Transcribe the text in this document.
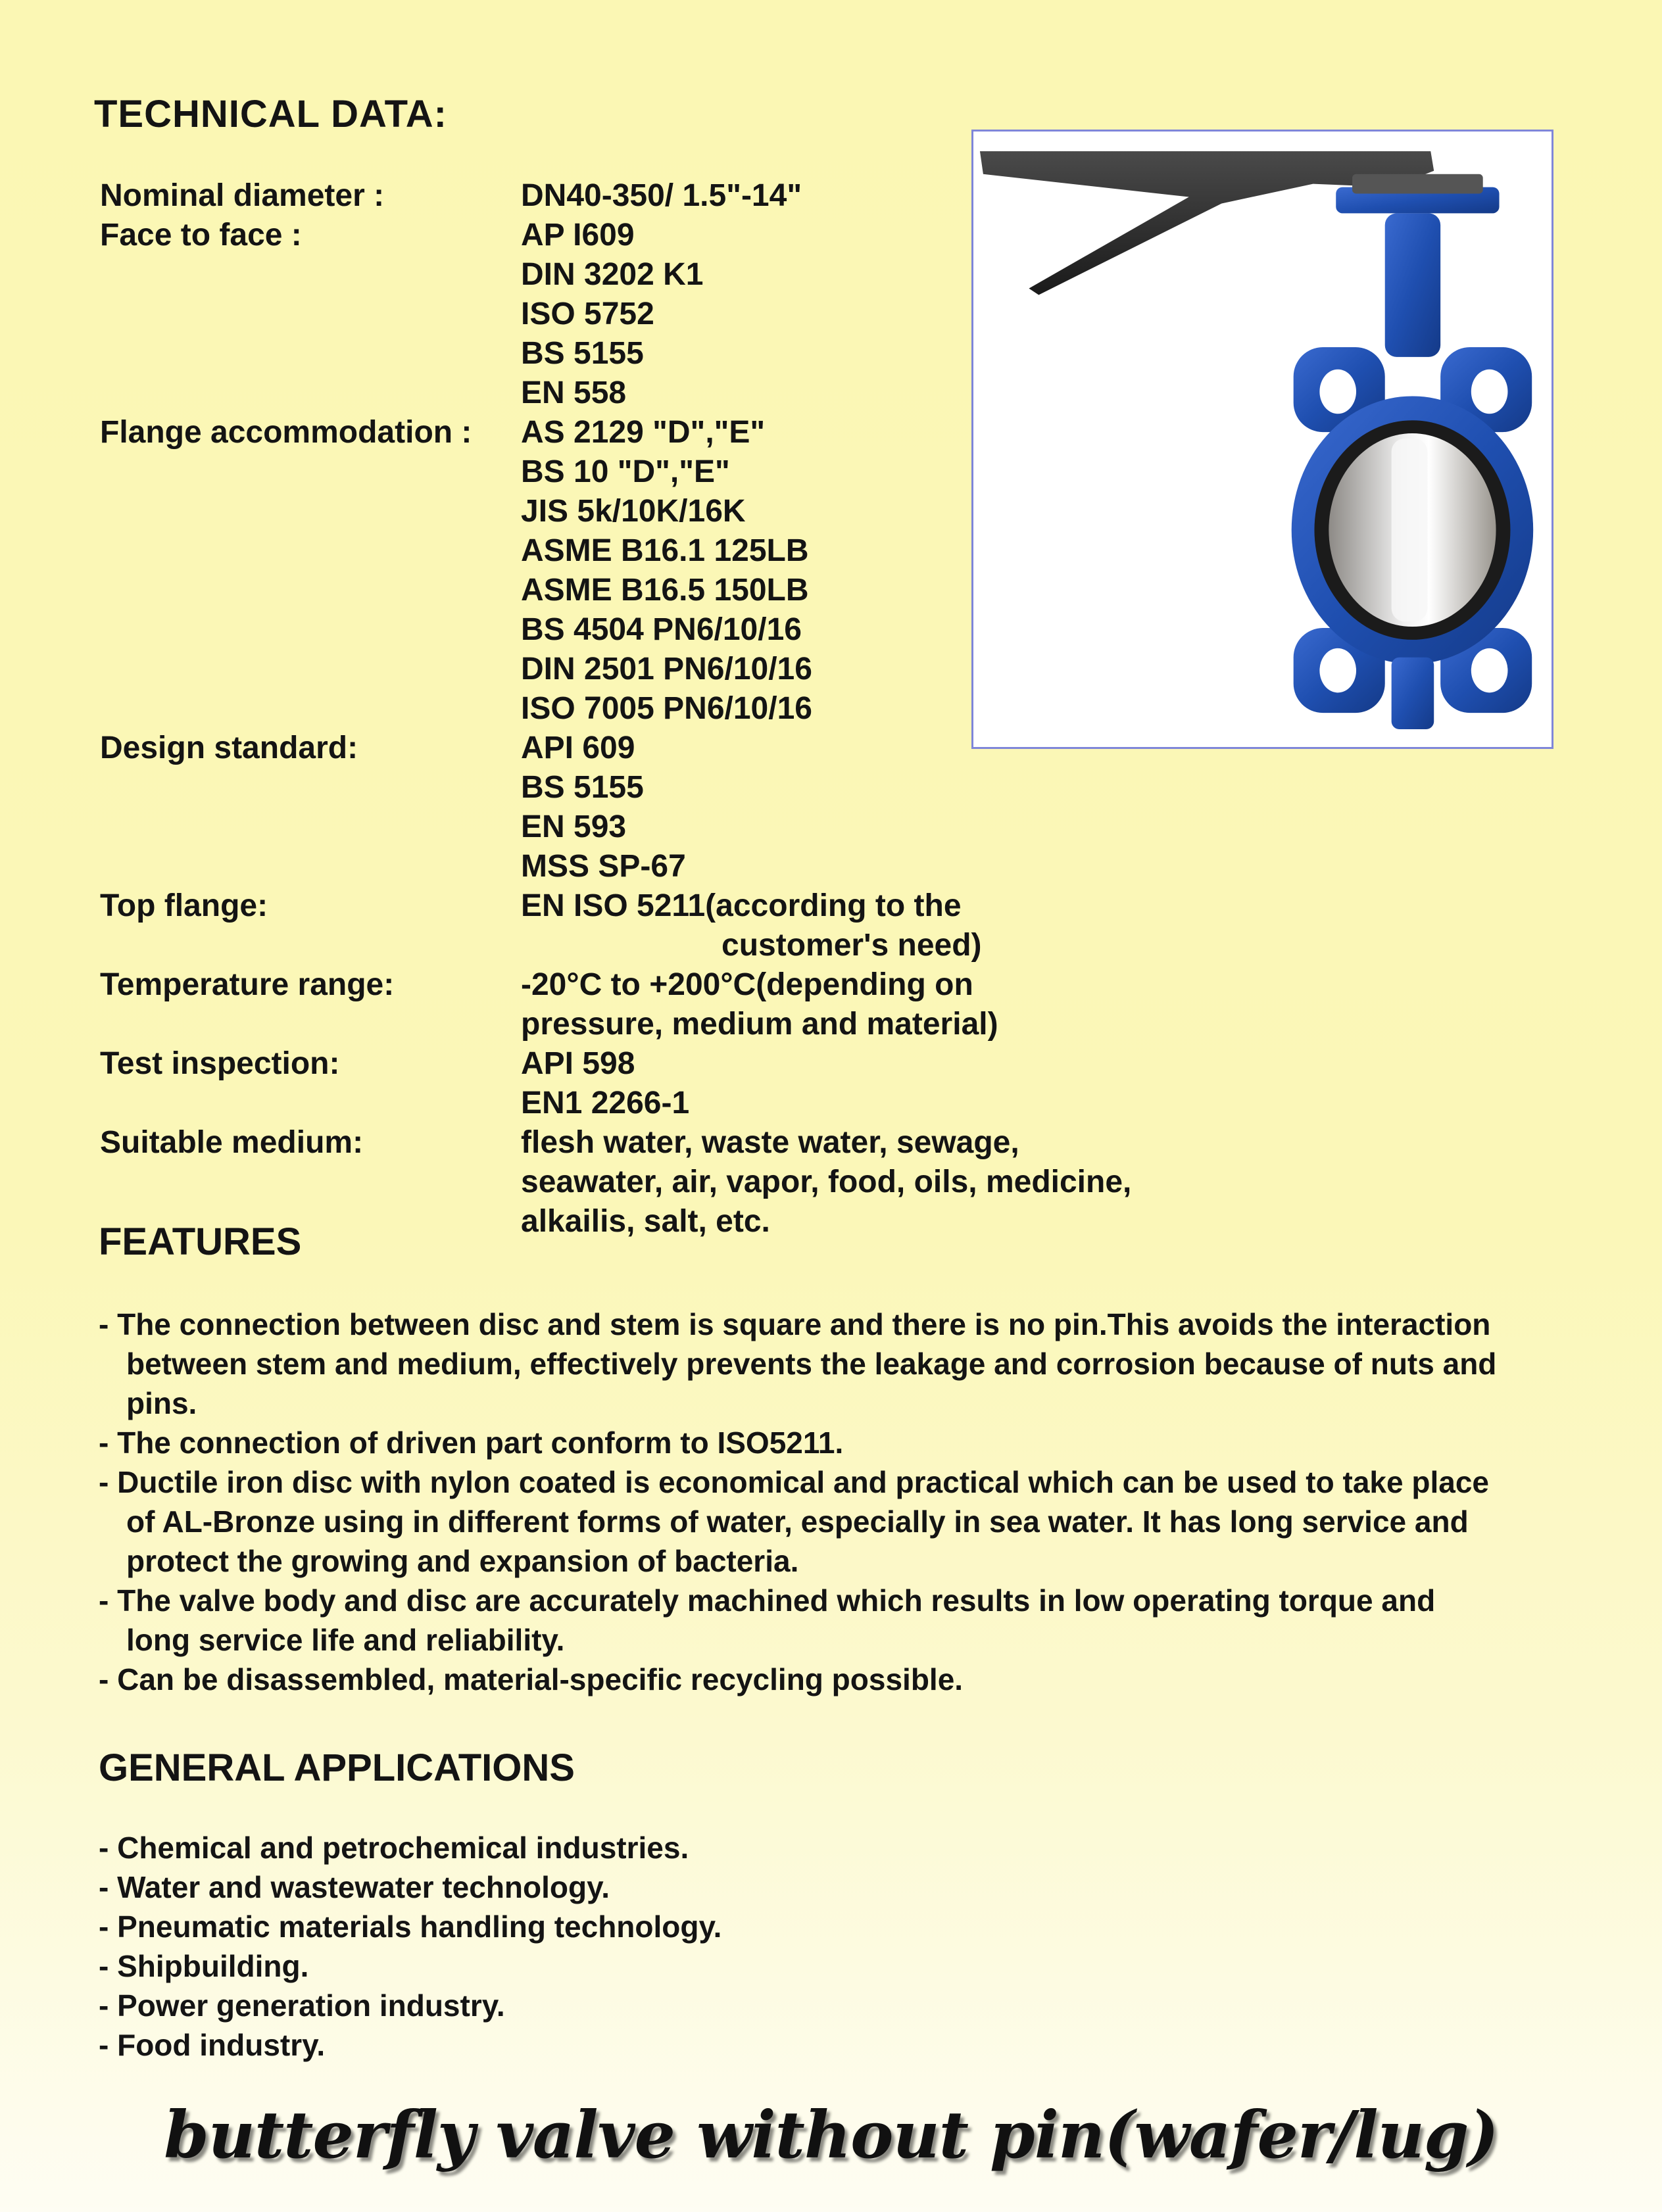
TECHNICAL DATA:
Nominal diameter :	DN40-350/ 1.5"-14"
Face to face :	AP I609
DIN 3202 K1
ISO 5752
BS 5155
EN 558
Flange accommodation :	AS 2129 "D","E"
BS 10 "D","E"
JIS 5k/10K/16K
ASME B16.1 125LB
ASME B16.5 150LB
BS 4504 PN6/10/16
DIN 2501 PN6/10/16
ISO 7005 PN6/10/16
Design standard:	API 609
BS 5155
EN 593
MSS SP-67
Top flange:	EN ISO 5211(according to the
customer's need)
Temperature range:	-20°C to +200°C(depending on
pressure, medium and material)
Test inspection:	API 598
EN1 2266-1
Suitable medium:	flesh water, waste water, sewage,
seawater, air, vapor, food, oils, medicine,
alkailis, salt, etc.
FEATURES
- The connection between disc and stem is square and there is no pin.This avoids the interaction
between stem and medium, effectively prevents the leakage and corrosion because of nuts and
pins.
- The connection of driven part conform to ISO5211.
- Ductile iron disc with nylon coated is economical and practical which can be used to take place
of AL-Bronze using in different forms of water, especially in sea water. It has long service and
protect the growing and expansion of bacteria.
- The valve body and disc are accurately machined which results in low operating torque and
long service life and reliability.
- Can be disassembled, material-specific recycling possible.
GENERAL APPLICATIONS
- Chemical and petrochemical industries.
- Water and wastewater technology.
- Pneumatic materials handling technology.
- Shipbuilding.
- Power generation industry.
- Food industry.
butterfly valve without pin(wafer/lug)
